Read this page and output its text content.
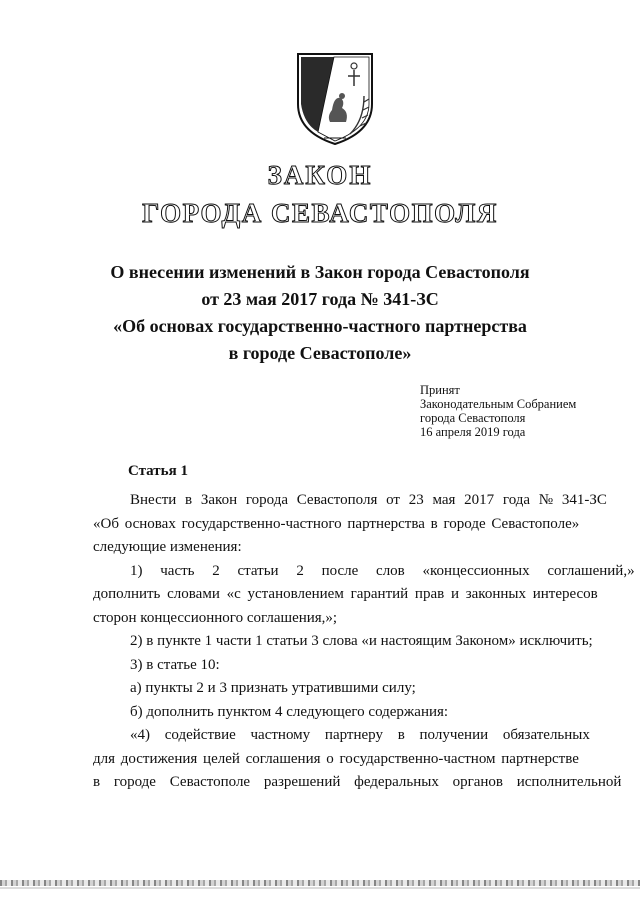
ЗАКОН
ГОРОДА СЕВАСТОПОЛЯ
О внесении изменений в Закон города Севастополя
от 23 мая 2017 года № 341-ЗС
«Об основах государственно-частного партнерства
в городе Севастополе»
Принят
Законодательным Собранием
города Севастополя
16 апреля 2019 года
Статья 1

Внести в Закон города Севастополя от 23 мая 2017 года № 341-ЗС

«Об основах государственно-частного партнерства в городе Севастополе»

следующие изменения:

1) часть 2 статьи 2 после слов «концессионных соглашений,»

дополнить словами «с установлением гарантий прав и законных интересов

сторон концессионного соглашения,»;

2) в пункте 1 части 1 статьи 3 слова «и настоящим Законом» исключить;

3) в статье 10:

а) пункты 2 и 3 признать утратившими силу;

б) дополнить пунктом 4 следующего содержания:

«4) содействие частному партнеру в получении обязательных

для достижения целей соглашения о государственно-частном партнерстве

в городе Севастополе разрешений федеральных органов исполнительной
